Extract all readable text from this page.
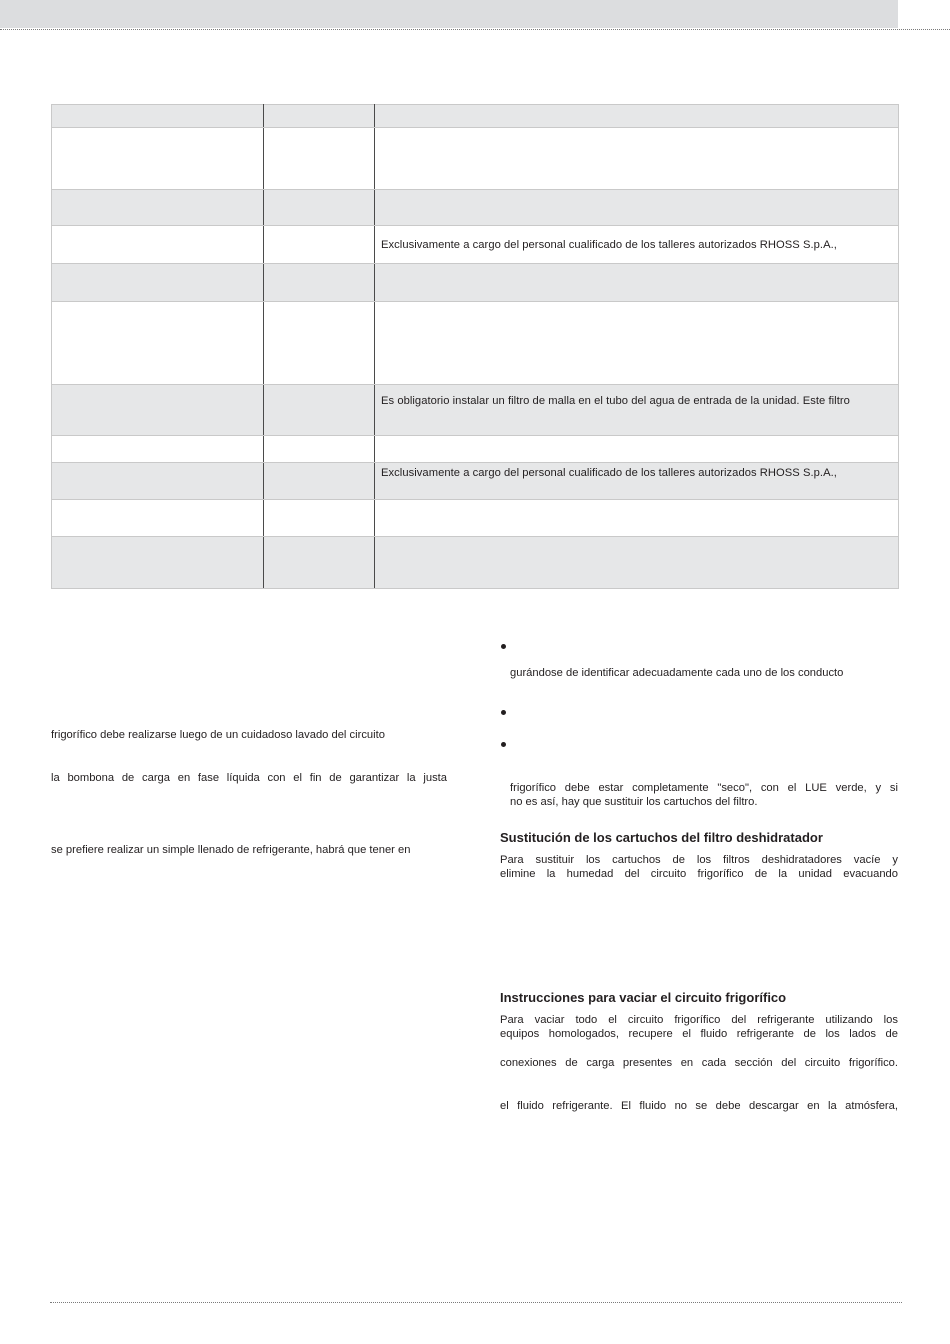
		Exclusivamente a cargo del personal cualificado de los talleres autorizados RHOSS S.p.A.,

		Es obligatorio instalar un filtro de malla en el tubo del agua de entrada de la unidad. Este filtro

		Exclusivamente a cargo del personal cualificado de los talleres autorizados RHOSS S.p.A.,

frigorífico debe realizarse luego de un cuidadoso lavado del circuito
la bombona de carga en fase líquida con el fin de garantizar la justa
se prefiere realizar un simple llenado de refrigerante, habrá que tener en
gurándose de identificar adecuadamente cada uno de los conducto
frigorífico debe estar completamente "seco", con el LUE verde, y si
no es así, hay que sustituir los cartuchos del filtro.
Sustitución de los cartuchos del filtro deshidratador
Para sustituir los cartuchos de los filtros deshidratadores vacíe y
elimine la humedad del circuito frigorífico de la unidad evacuando
Instrucciones para vaciar el circuito frigorífico
Para vaciar todo el circuito frigorífico del refrigerante utilizando los
equipos homologados, recupere el fluido refrigerante de los lados de
conexiones de carga presentes en cada sección del circuito frigorífico.
el fluido refrigerante. El fluido no se debe descargar en la atmósfera,
